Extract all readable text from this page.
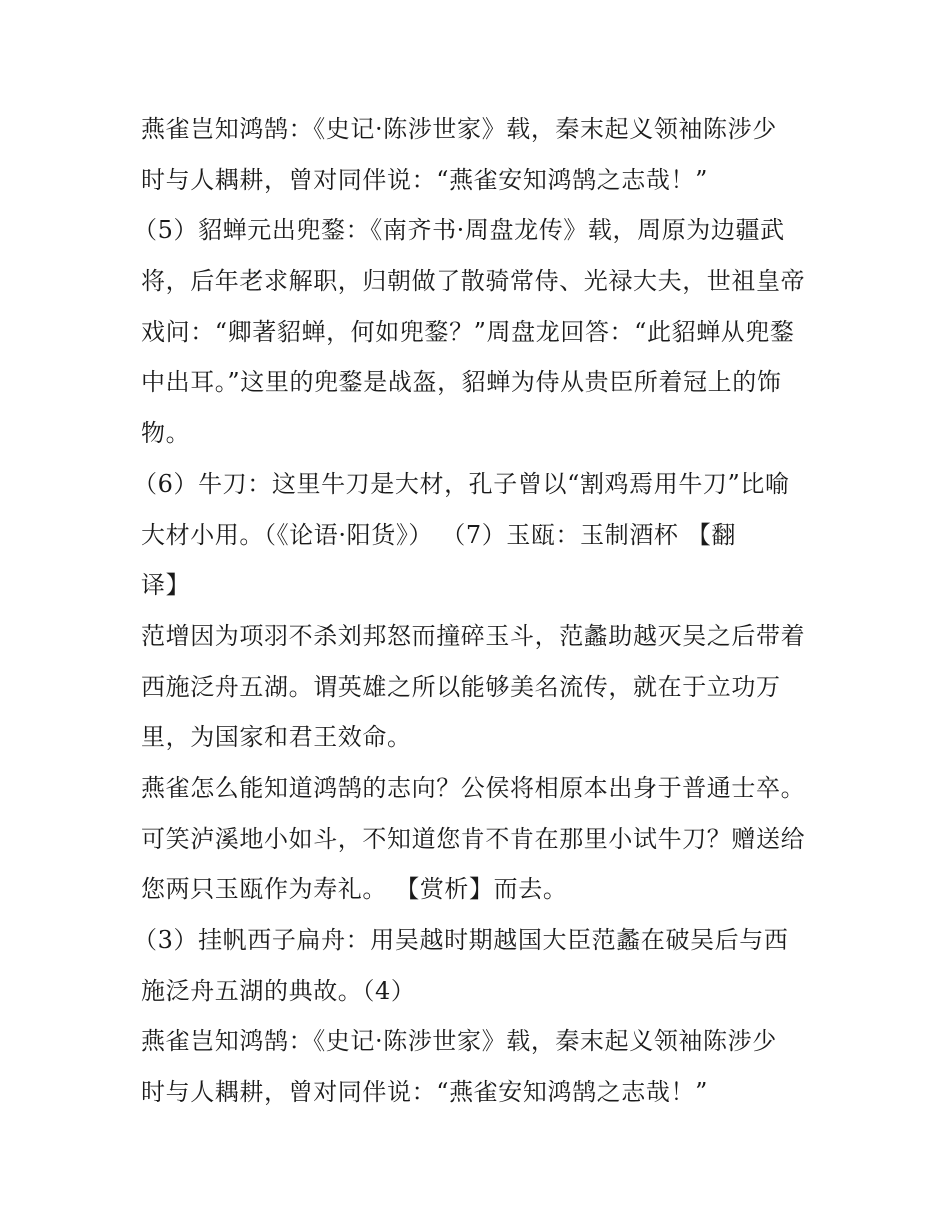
燕雀岂知鸿鹄：《史记·陈涉世家》载，秦末起义领袖陈涉少
时与人耦耕，曾对同伴说：“燕雀安知鸿鹄之志哉！”
（5）貂蝉元出兜鍪：《南齐书·周盘龙传》载，周原为边疆武
将，后年老求解职，归朝做了散骑常侍、光禄大夫，世祖皇帝
戏问：“卿著貂蝉，何如兜鍪？”周盘龙回答：“此貂蝉从兜鍪
中出耳。”这里的兜鍪是战盔，貂蝉为侍从贵臣所着冠上的饰
物。
（6）牛刀：这里牛刀是大材，孔子曾以“割鸡焉用牛刀”比喻
大材小用。（《论语·阳货》） （7）玉瓯：玉制酒杯 【翻
译】
范增因为项羽不杀刘邦怒而撞碎玉斗，范蠡助越灭吴之后带着
西施泛舟五湖。谓英雄之所以能够美名流传，就在于立功万
里，为国家和君王效命。
燕雀怎么能知道鸿鹄的志向？公侯将相原本出身于普通士卒。
可笑泸溪地小如斗，不知道您肯不肯在那里小试牛刀？赠送给
您两只玉瓯作为寿礼。 【赏析】而去。
（3）挂帆西子扁舟：用吴越时期越国大臣范蠡在破吴后与西
施泛舟五湖的典故。（4）
燕雀岂知鸿鹄：《史记·陈涉世家》载，秦末起义领袖陈涉少
时与人耦耕，曾对同伴说：“燕雀安知鸿鹄之志哉！”
